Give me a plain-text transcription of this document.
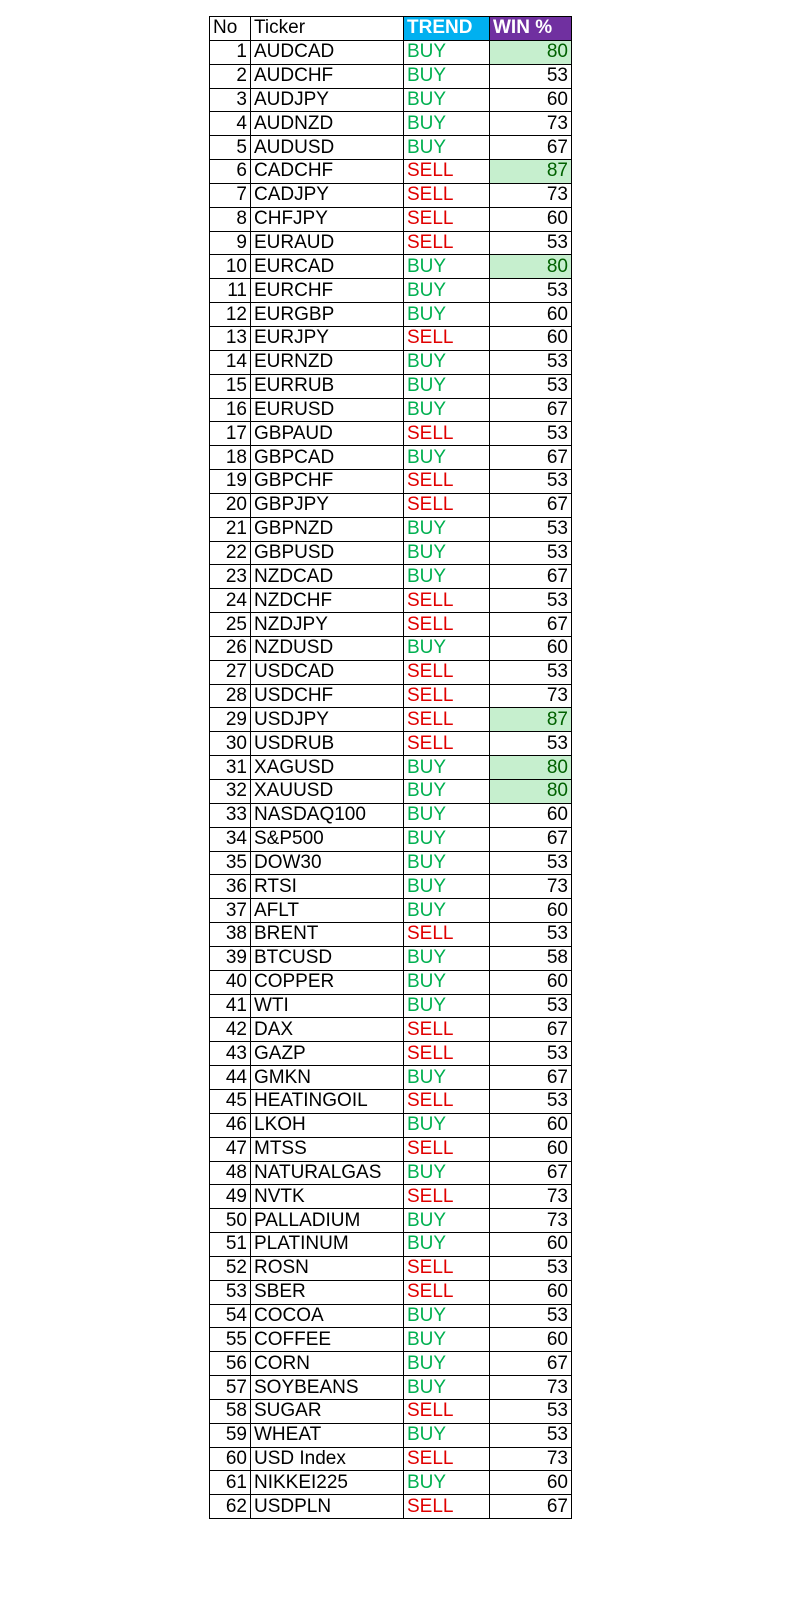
No	Ticker	TREND	WIN %
1	AUDCAD	BUY	80
2	AUDCHF	BUY	53
3	AUDJPY	BUY	60
4	AUDNZD	BUY	73
5	AUDUSD	BUY	67
6	CADCHF	SELL	87
7	CADJPY	SELL	73
8	CHFJPY	SELL	60
9	EURAUD	SELL	53
10	EURCAD	BUY	80
11	EURCHF	BUY	53
12	EURGBP	BUY	60
13	EURJPY	SELL	60
14	EURNZD	BUY	53
15	EURRUB	BUY	53
16	EURUSD	BUY	67
17	GBPAUD	SELL	53
18	GBPCAD	BUY	67
19	GBPCHF	SELL	53
20	GBPJPY	SELL	67
21	GBPNZD	BUY	53
22	GBPUSD	BUY	53
23	NZDCAD	BUY	67
24	NZDCHF	SELL	53
25	NZDJPY	SELL	67
26	NZDUSD	BUY	60
27	USDCAD	SELL	53
28	USDCHF	SELL	73
29	USDJPY	SELL	87
30	USDRUB	SELL	53
31	XAGUSD	BUY	80
32	XAUUSD	BUY	80
33	NASDAQ100	BUY	60
34	S&P500	BUY	67
35	DOW30	BUY	53
36	RTSI	BUY	73
37	AFLT	BUY	60
38	BRENT	SELL	53
39	BTCUSD	BUY	58
40	COPPER	BUY	60
41	WTI	BUY	53
42	DAX	SELL	67
43	GAZP	SELL	53
44	GMKN	BUY	67
45	HEATINGOIL	SELL	53
46	LKOH	BUY	60
47	MTSS	SELL	60
48	NATURALGAS	BUY	67
49	NVTK	SELL	73
50	PALLADIUM	BUY	73
51	PLATINUM	BUY	60
52	ROSN	SELL	53
53	SBER	SELL	60
54	COCOA	BUY	53
55	COFFEE	BUY	60
56	CORN	BUY	67
57	SOYBEANS	BUY	73
58	SUGAR	SELL	53
59	WHEAT	BUY	53
60	USD Index	SELL	73
61	NIKKEI225	BUY	60
62	USDPLN	SELL	67
